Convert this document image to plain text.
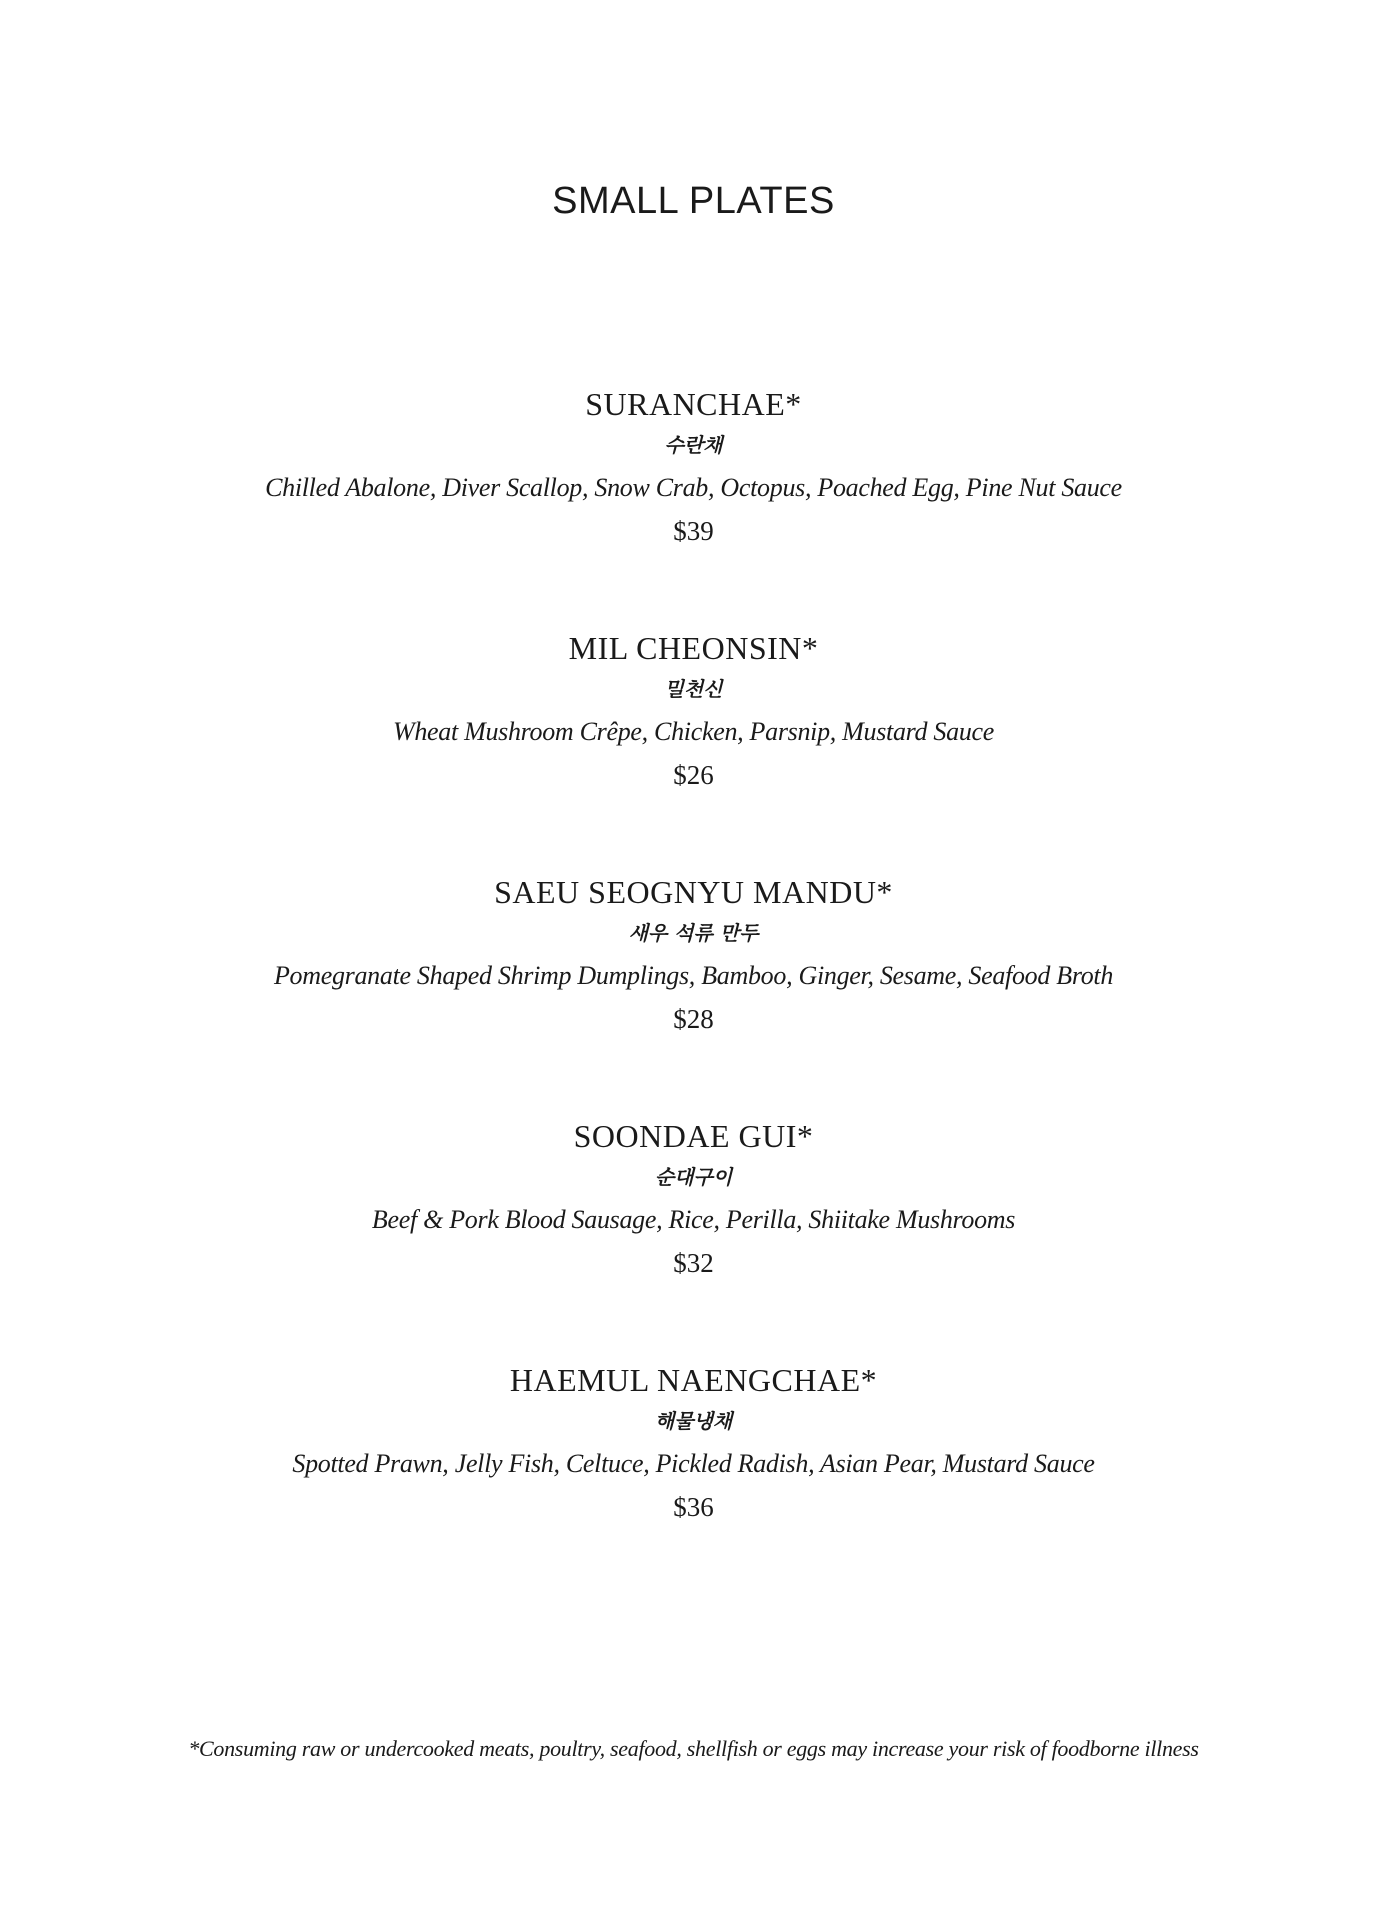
SMALL PLATES
SURANCHAE*
수란채
Chilled Abalone, Diver Scallop, Snow Crab, Octopus, Poached Egg, Pine Nut Sauce
$39
MIL CHEONSIN*
밀천신
Wheat Mushroom Crêpe, Chicken, Parsnip, Mustard Sauce
$26
SAEU SEOGNYU MANDU*
새우 석류 만두
Pomegranate Shaped Shrimp Dumplings, Bamboo, Ginger, Sesame, Seafood Broth
$28
SOONDAE GUI*
순대구이
Beef & Pork Blood Sausage, Rice, Perilla, Shiitake Mushrooms
$32
HAEMUL NAENGCHAE*
해물냉채
Spotted Prawn, Jelly Fish, Celtuce, Pickled Radish, Asian Pear, Mustard Sauce
$36
*Consuming raw or undercooked meats, poultry, seafood, shellfish or eggs may increase your risk of foodborne illness
